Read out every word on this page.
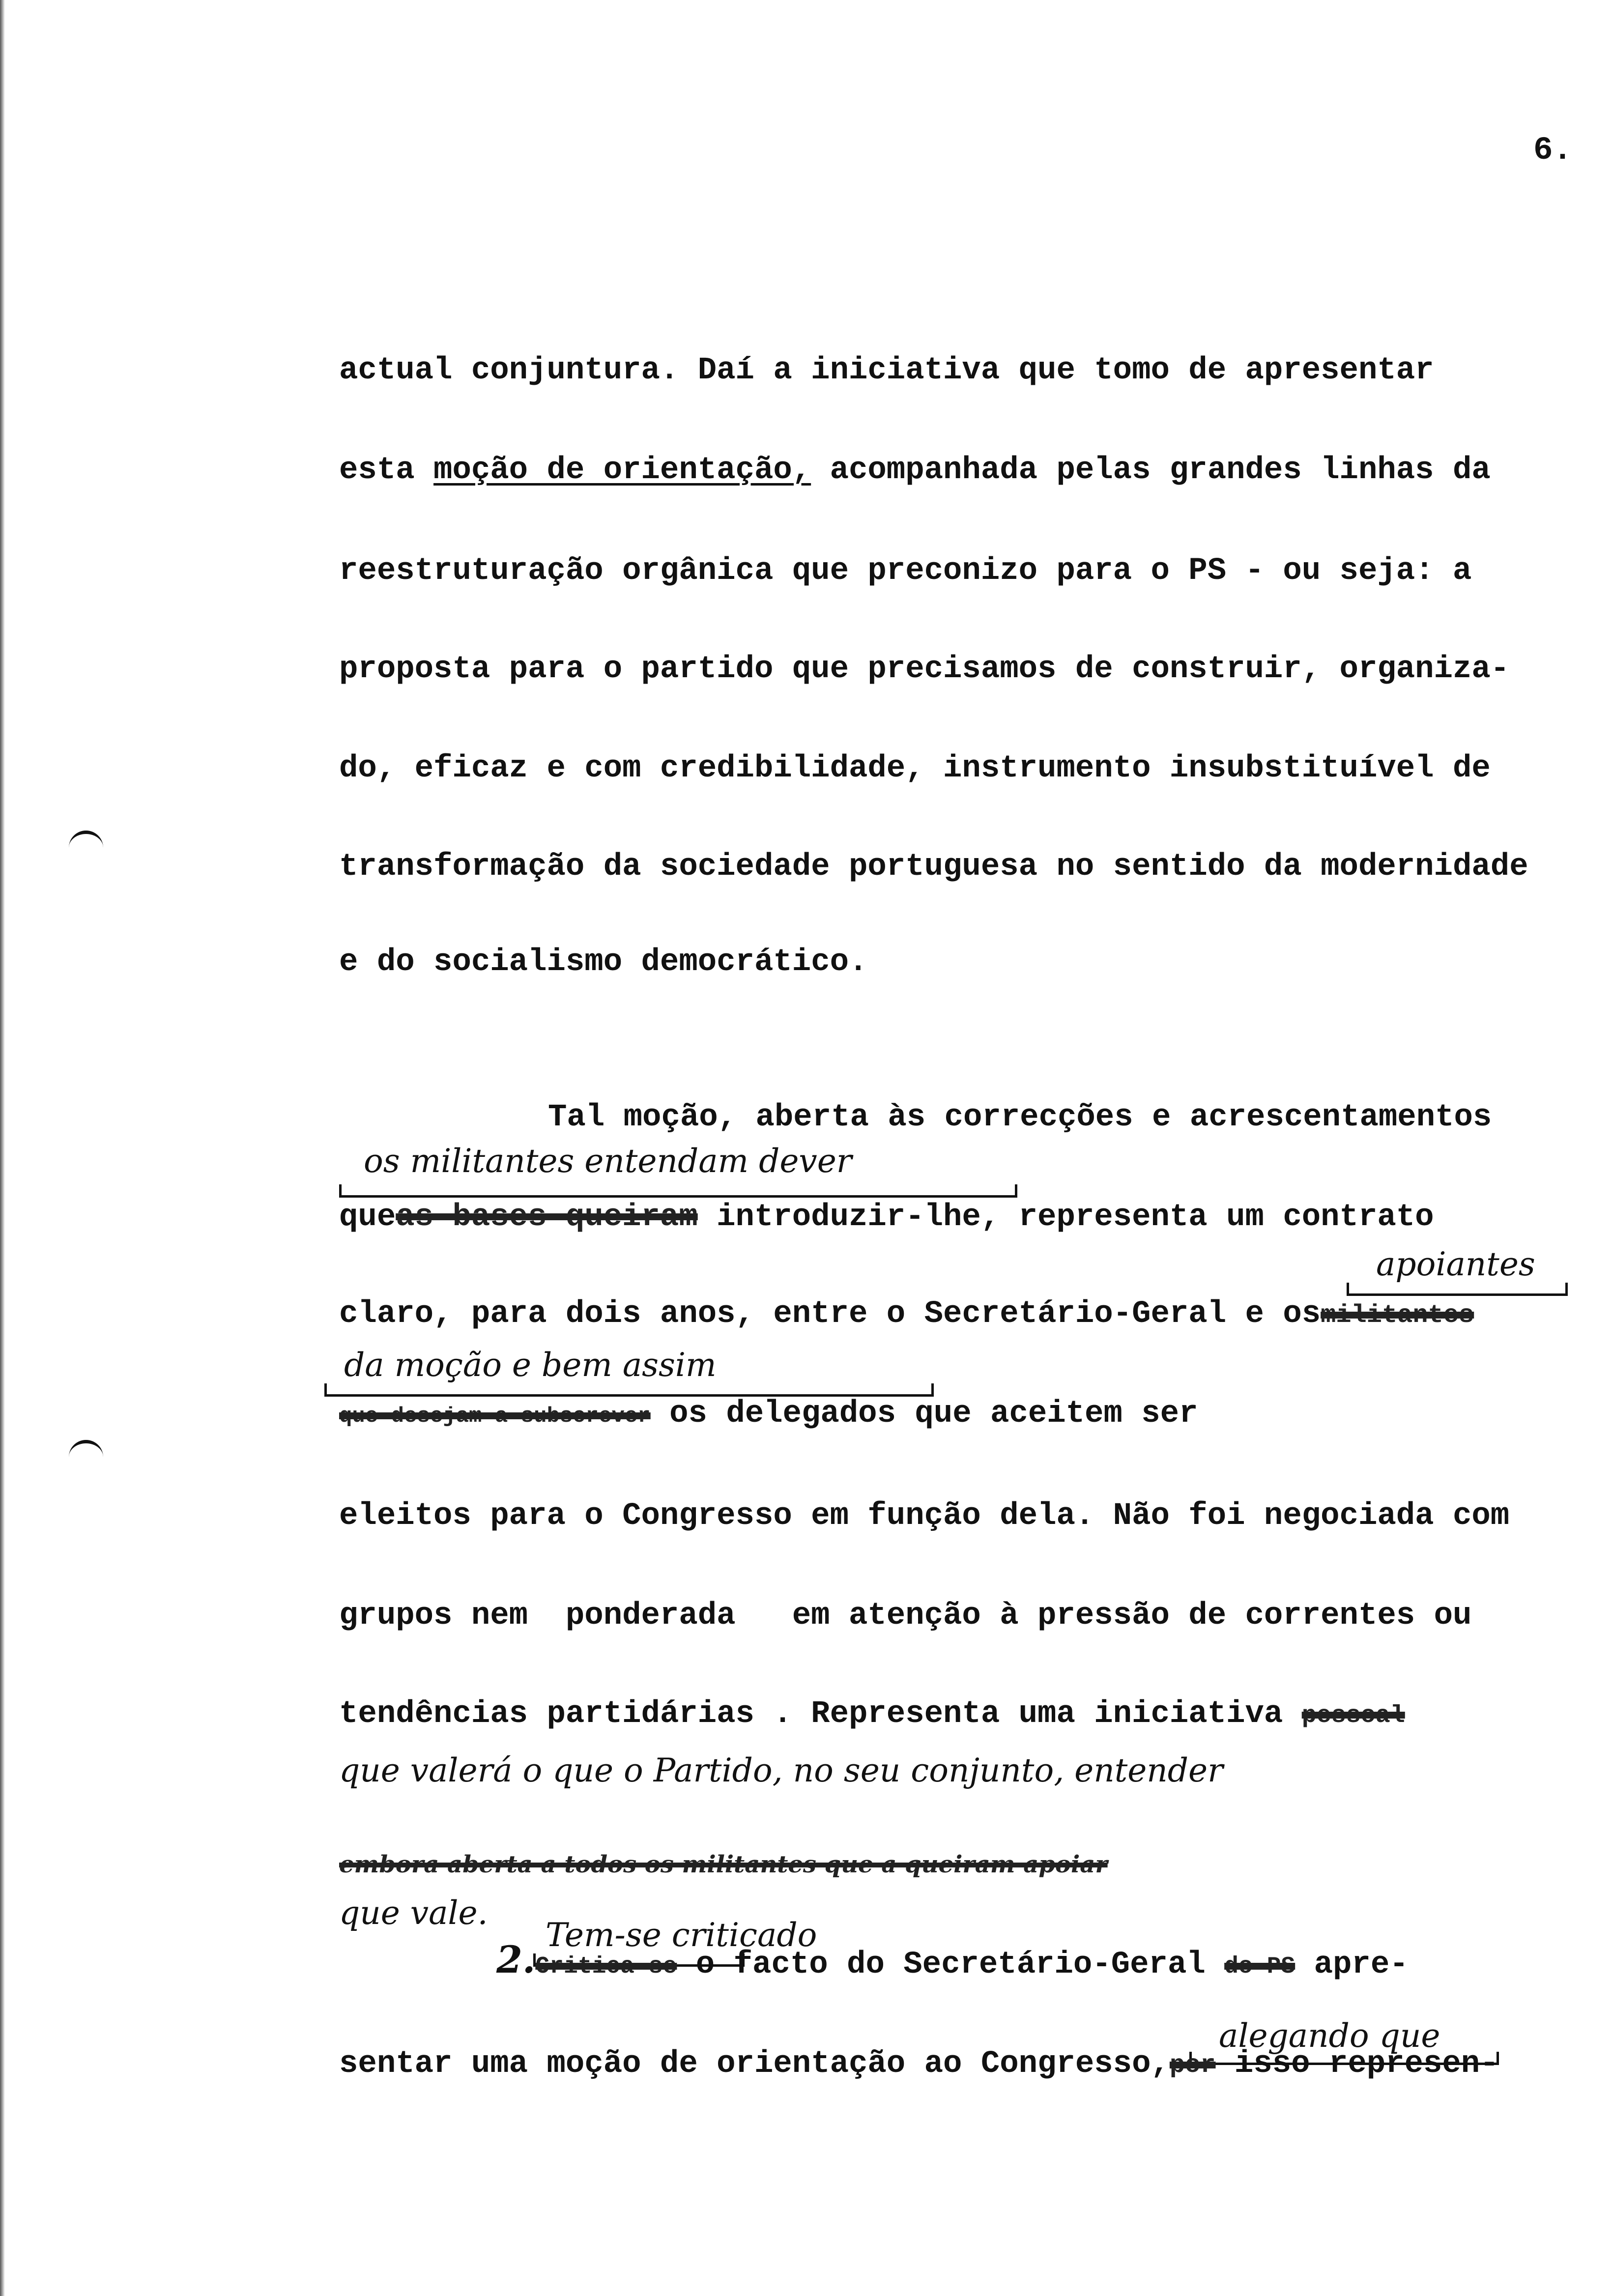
6.
actual conjuntura. Daí a iniciativa que tomo de apresentar
esta moção de orientação, acompanhada pelas grandes linhas da
reestruturação orgânica que preconizo para o PS - ou seja: a
proposta para o partido que precisamos de construir, organiza-
do, eficaz e com credibilidade, instrumento insubstituível de
transformação da sociedade portuguesa no sentido da modernidade
e do socialismo democrático.
Tal moção, aberta às correcções e acrescentamentos
os militantes entendam dever
queas bases queiram introduzir-lhe, representa um contrato
apoiantes
claro, para dois anos, entre o Secretário-Geral e osmilitantes
da moção e bem assim
que desejam a subscrever os delegados que aceitem ser
eleitos para o Congresso em função dela. Não foi negociada com
grupos nem  ponderada   em atenção à pressão de correntes ou
tendências partidárias . Representa uma iniciativa pessoal
que valerá o que o Partido, no seu conjunto, entender
embora aberta a todos os militantes que a queiram apoiar
que vale.
Tem-se criticado
2.Critica-se o facto do Secretário-Geral do PS apre-
alegando que
sentar uma moção de orientação ao Congresso,por isso represen-
